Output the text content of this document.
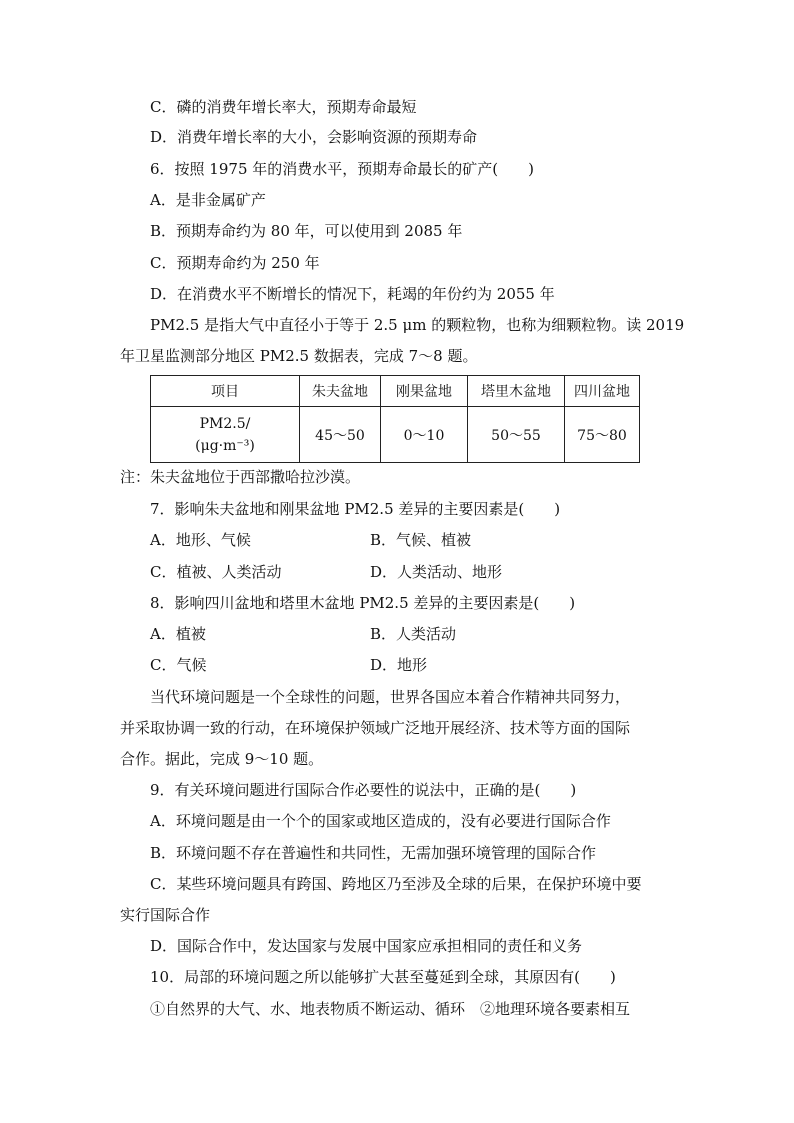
C．磷的消费年增长率大，预期寿命最短
D．消费年增长率的大小，会影响资源的预期寿命
6．按照 1975 年的消费水平，预期寿命最长的矿产(　　)
A．是非金属矿产
B．预期寿命约为 80 年，可以使用到 2085 年
C．预期寿命约为 250 年
D．在消费水平不断增长的情况下，耗竭的年份约为 2055 年
PM2.5 是指大气中直径小于等于 2.5 μm 的颗粒物，也称为细颗粒物。读 2019
年卫星监测部分地区 PM2.5 数据表，完成 7～8 题。
项目	朱夫盆地	刚果盆地	塔里木盆地	四川盆地

PM2.5/
(μg·m⁻³)	45～50	0～10	50～55	75～80
注：朱夫盆地位于西部撒哈拉沙漠。
7．影响朱夫盆地和刚果盆地 PM2.5 差异的主要因素是(　　)
A．地形、气候	B．气候、植被
C．植被、人类活动	D．人类活动、地形
8．影响四川盆地和塔里木盆地 PM2.5 差异的主要因素是(　　)
A．植被	B．人类活动
C．气候	D．地形
当代环境问题是一个全球性的问题，世界各国应本着合作精神共同努力，
并采取协调一致的行动，在环境保护领域广泛地开展经济、技术等方面的国际
合作。据此，完成 9～10 题。
9．有关环境问题进行国际合作必要性的说法中，正确的是(　　)
A．环境问题是由一个个的国家或地区造成的，没有必要进行国际合作
B．环境问题不存在普遍性和共同性，无需加强环境管理的国际合作
C．某些环境问题具有跨国、跨地区乃至涉及全球的后果，在保护环境中要
实行国际合作
D．国际合作中，发达国家与发展中国家应承担相同的责任和义务
10．局部的环境问题之所以能够扩大甚至蔓延到全球，其原因有(　　)
①自然界的大气、水、地表物质不断运动、循环　②地理环境各要素相互
